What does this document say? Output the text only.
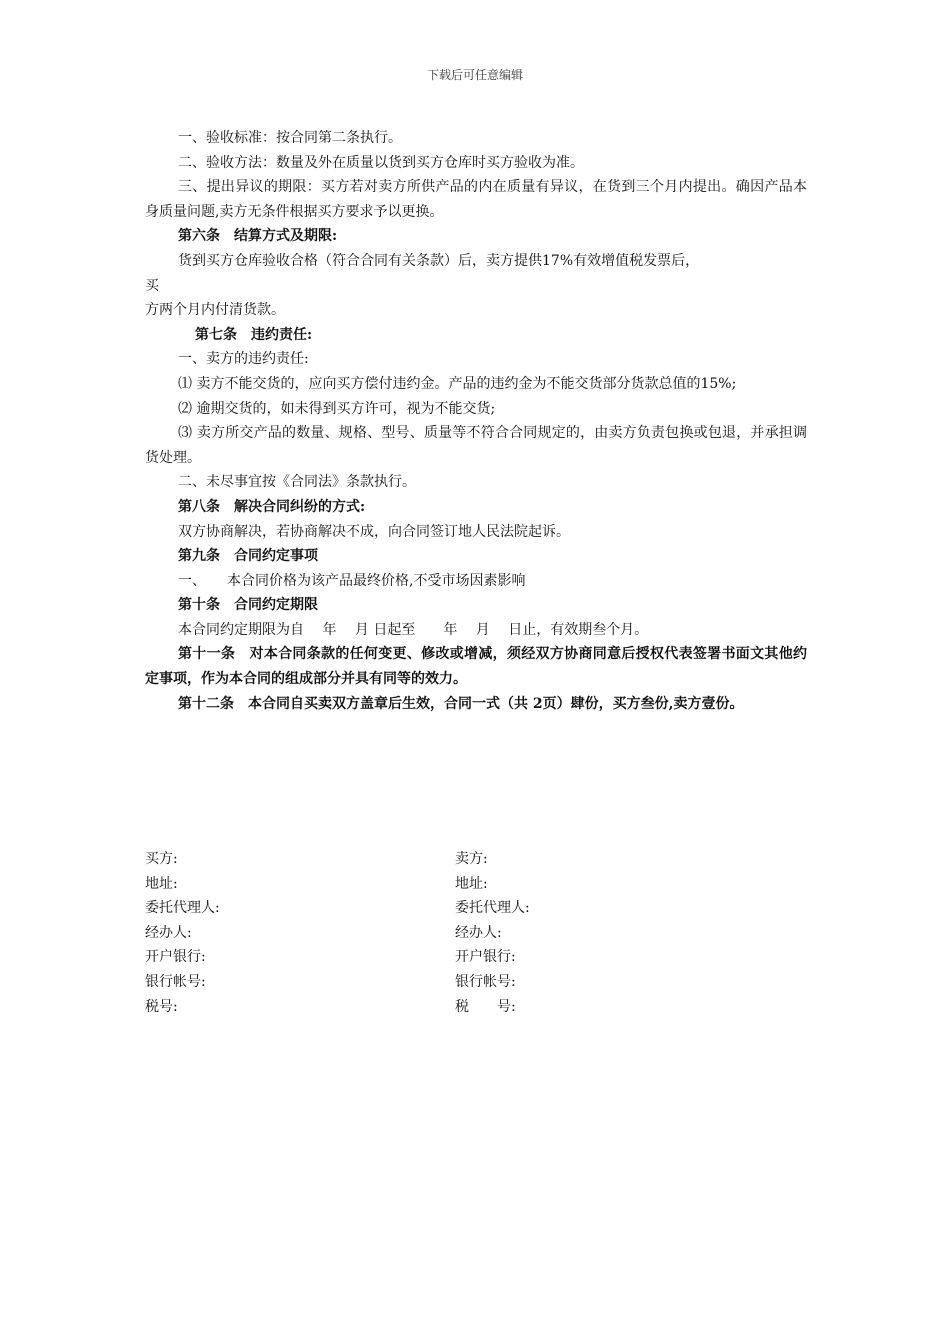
下载后可任意编辑

一、验收标准：按合同第二条执行。

二、验收方法：数量及外在质量以货到买方仓库时买方验收为准。

三、提出异议的期限：买方若对卖方所供产品的内在质量有异议，在货到三个月内提出。确因产品本身质量问题,卖方无条件根据买方要求予以更换。

第六条　结算方式及期限:

货到买方仓库验收合格（符合合同有关条款）后，卖方提供17%有效增值税发票后，

买

方两个月内付清货款。

第七条　违约责任:

一、卖方的违约责任:

⑴ 卖方不能交货的，应向买方偿付违约金。产品的违约金为不能交货部分货款总值的15%;

⑵ 逾期交货的，如未得到买方许可，视为不能交货;

⑶ 卖方所交产品的数量、规格、型号、质量等不符合合同规定的，由卖方负责包换或包退，并承担调货处理。

二、未尽事宜按《合同法》条款执行。

第八条　解决合同纠纷的方式:

双方协商解决，若协商解决不成，向合同签订地人民法院起诉。

第九条　合同约定事项

一、　　本合同价格为该产品最终价格,不受市场因素影响

第十条　合同约定期限

本合同约定期限为自　 年　 月 日起至　　年　 月　 日止，有效期叁个月。

第十一条　对本合同条款的任何变更、修改或增减，须经双方协商同意后授权代表签署书面文其他约定事项，作为本合同的组成部分并具有同等的效力。

第十二条　本合同自买卖双方盖章后生效，合同一式（共 2页）肆份，买方叁份,卖方壹份。

买方:	卖方:
地址:	地址:
委托代理人:	委托代理人:
经办人:	经办人:
开户银行:	开户银行:
银行帐号:	银行帐号:
税号:	税　　号:
